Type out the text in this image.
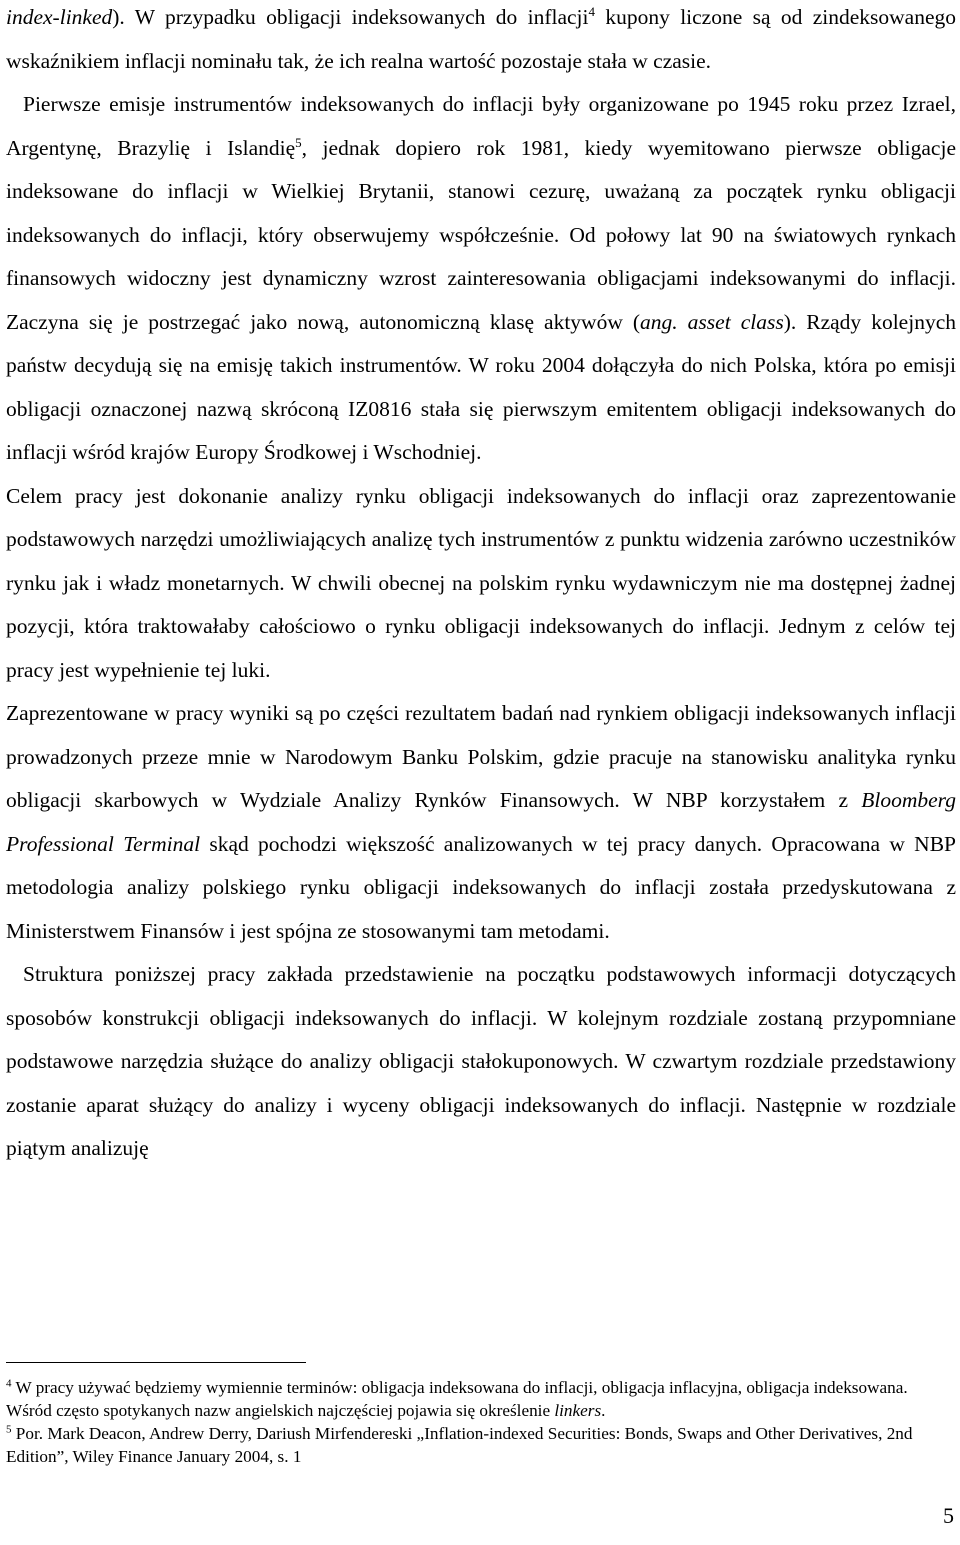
index-linked). W przypadku obligacji indeksowanych do inflacji$^4$ kupony liczone są od zindeksowanego wskaźnikiem inflacji nominału tak, że ich realna wartość pozostaje stała w czasie.

Pierwsze emisje instrumentów indeksowanych do inflacji były organizowane po 1945 roku przez Izrael, Argentynę, Brazylię i Islandię$^5$, jednak dopiero rok 1981, kiedy wyemitowano pierwsze obligacje indeksowane do inflacji w Wielkiej Brytanii, stanowi cezurę, uważaną za początek rynku obligacji indeksowanych do inflacji, który obserwujemy współcześnie. Od połowy lat 90 na światowych rynkach finansowych widoczny jest dynamiczny wzrost zainteresowania obligacjami indeksowanymi do inflacji. Zaczyna się je postrzegać jako nową, autonomiczną klasę aktywów (ang. asset class). Rządy kolejnych państw decydują się na emisję takich instrumentów. W roku 2004 dołączyła do nich Polska, która po emisji obligacji oznaczonej nazwą skróconą IZ0816 stała się pierwszym emitentem obligacji indeksowanych do inflacji wśród krajów Europy Środkowej i Wschodniej.

Celem pracy jest dokonanie analizy rynku obligacji indeksowanych do inflacji oraz zaprezentowanie podstawowych narzędzi umożliwiających analizę tych instrumentów z punktu widzenia zarówno uczestników rynku jak i władz monetarnych. W chwili obecnej na polskim rynku wydawniczym nie ma dostępnej żadnej pozycji, która traktowałaby całościowo o rynku obligacji indeksowanych do inflacji. Jednym z celów tej pracy jest wypełnienie tej luki.

Zaprezentowane w pracy wyniki są po części rezultatem badań nad rynkiem obligacji indeksowanych inflacji prowadzonych przeze mnie w Narodowym Banku Polskim, gdzie pracuje na stanowisku analityka rynku obligacji skarbowych w Wydziale Analizy Rynków Finansowych. W NBP korzystałem z Bloomberg Professional Terminal skąd pochodzi większość analizowanych w tej pracy danych. Opracowana w NBP metodologia analizy polskiego rynku obligacji indeksowanych do inflacji została przedyskutowana z Ministerstwem Finansów i jest spójna ze stosowanymi tam metodami.

Struktura poniższej pracy zakłada przedstawienie na początku podstawowych informacji dotyczących sposobów konstrukcji obligacji indeksowanych do inflacji. W kolejnym rozdziale zostaną przypomniane podstawowe narzędzia służące do analizy obligacji stałokuponowych. W czwartym rozdziale przedstawiony zostanie aparat służący do analizy i wyceny obligacji indeksowanych do inflacji. Następnie w rozdziale piątym analizuję

$^4$ W pracy używać będziemy wymiennie terminów: obligacja indeksowana do inflacji, obligacja inflacyjna, obligacja indeksowana. Wśród często spotykanych nazw angielskich najczęściej pojawia się określenie linkers.

$^5$ Por. Mark Deacon, Andrew Derry, Dariush Mirfendereski „Inflation-indexed Securities: Bonds, Swaps and Other Derivatives, 2nd Edition”, Wiley Finance January 2004, s. 1

5
